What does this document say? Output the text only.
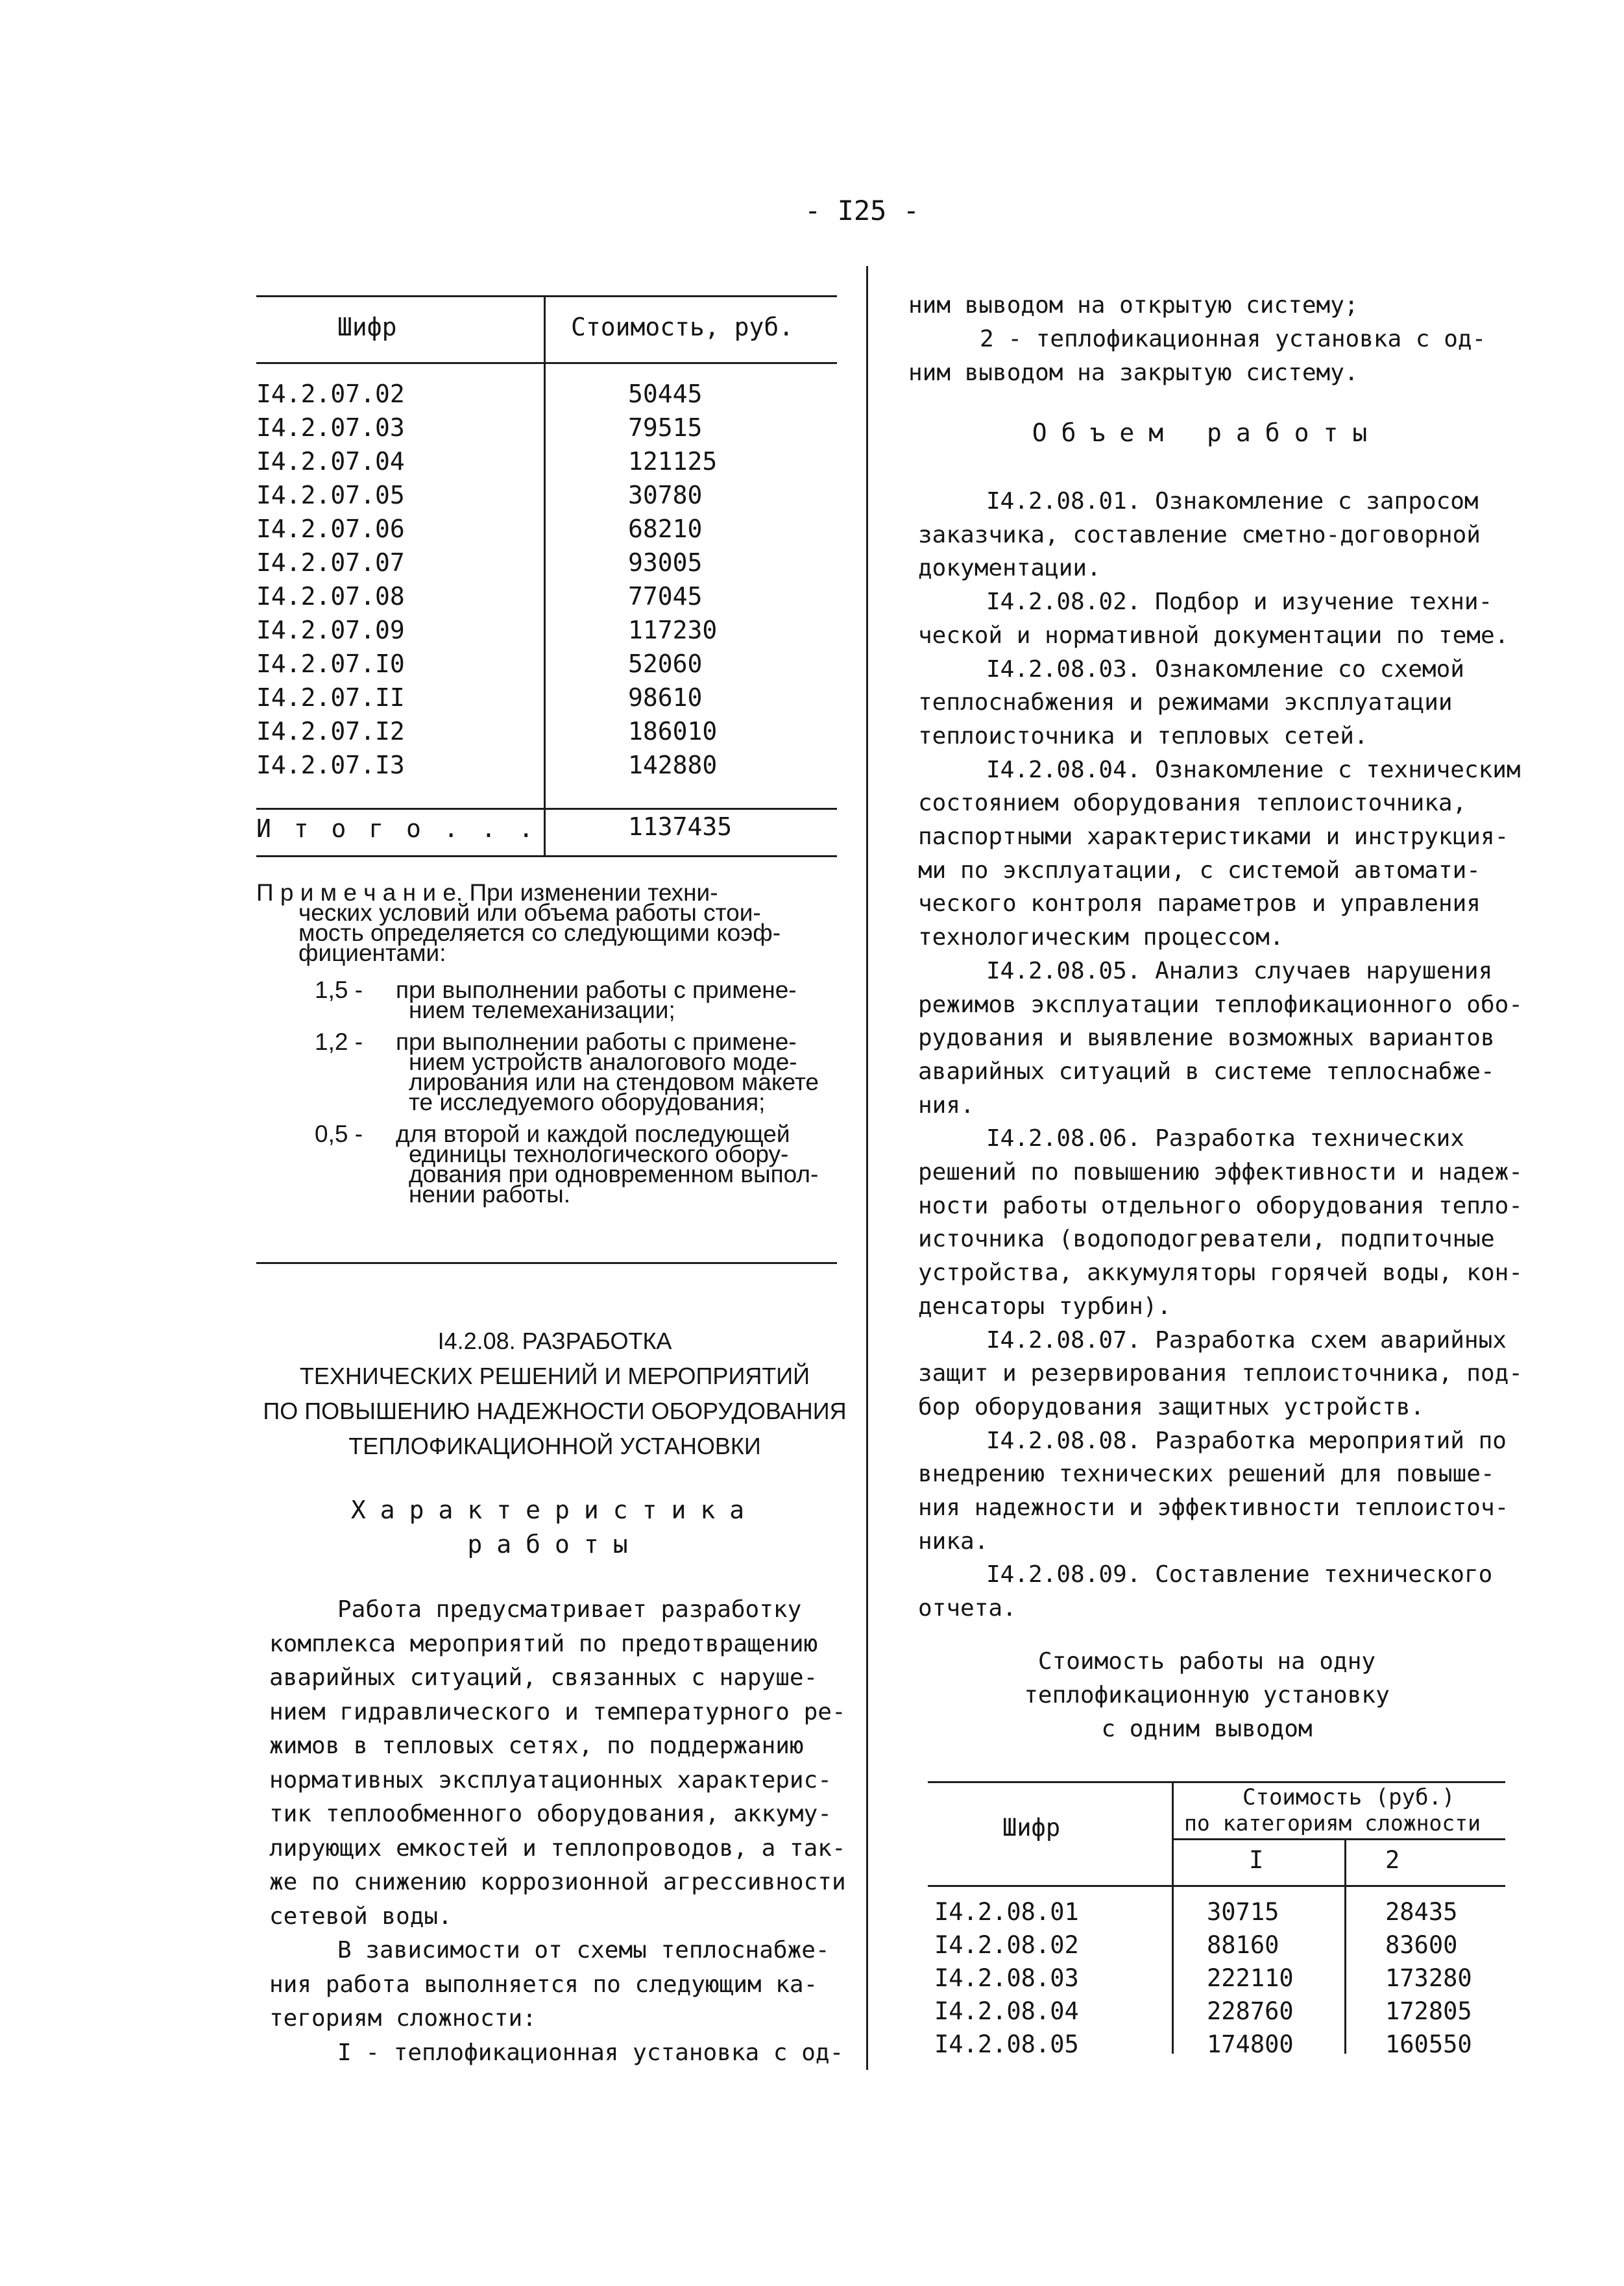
- I25 -
Шифр	Стоимость, руб.
I4.2.07.02	50445
I4.2.07.03	79515
I4.2.07.04	121125
I4.2.07.05	30780
I4.2.07.06	68210
I4.2.07.07	93005
I4.2.07.08	77045
I4.2.07.09	117230
I4.2.07.I0	52060
I4.2.07.II	98610
I4.2.07.I2	186010
I4.2.07.I3	142880
И т о г о . . .	1137435
П р и м е ч а н и е. При изменении техни-
ческих условий или объема работы стои-
мость определяется со следующими коэф-
фициентами:
1,5 - при выполнении работы с примене-
нием телемеханизации;
1,2 - при выполнении работы с примене-
нием устройств аналогового моде-
лирования или на стендовом макете
те исследуемого оборудования;
0,5 - для второй и каждой последующей
единицы технологического обору-
дования при одновременном выпол-
нении работы.
I4.2.08. РАЗРАБОТКА
ТЕХНИЧЕСКИХ РЕШЕНИЙ И МЕРОПРИЯТИЙ
ПО ПОВЫШЕНИЮ НАДЕЖНОСТИ ОБОРУДОВАНИЯ
ТЕПЛОФИКАЦИОННОЙ УСТАНОВКИ
Характеристика
работы
Работа предусматривает разработку
комплекса мероприятий по предотвращению
аварийных ситуаций, связанных с наруше-
нием гидравлического и температурного ре-
жимов в тепловых сетях, по поддержанию
нормативных эксплуатационных характерис-
тик теплообменного оборудования, аккуму-
лирующих емкостей и теплопроводов, а так-
же по снижению коррозионной агрессивности
сетевой воды.
В зависимости от схемы теплоснабже-
ния работа выполняется по следующим ка-
тегориям сложности:
I - теплофикационная установка с од-
ним выводом на открытую систему;
2 - теплофикационная установка с од-
ним выводом на закрытую систему.
Объем работы
I4.2.08.01. Ознакомление с запросом
заказчика, составление сметно-договорной
документации.
I4.2.08.02. Подбор и изучение техни-
ческой и нормативной документации по теме.
I4.2.08.03. Ознакомление со схемой
теплоснабжения и режимами эксплуатации
теплоисточника и тепловых сетей.
I4.2.08.04. Ознакомление с техническим
состоянием оборудования теплоисточника,
паспортными характеристиками и инструкция-
ми по эксплуатации, с системой автомати-
ческого контроля параметров и управления
технологическим процессом.
I4.2.08.05. Анализ случаев нарушения
режимов эксплуатации теплофикационного обо-
рудования и выявление возможных вариантов
аварийных ситуаций в системе теплоснабже-
ния.
I4.2.08.06. Разработка технических
решений по повышению эффективности и надеж-
ности работы отдельного оборудования тепло-
источника (водоподогреватели, подпиточные
устройства, аккумуляторы горячей воды, кон-
денсаторы турбин).
I4.2.08.07. Разработка схем аварийных
защит и резервирования теплоисточника, под-
бор оборудования защитных устройств.
I4.2.08.08. Разработка мероприятий по
внедрению технических решений для повыше-
ния надежности и эффективности теплоисточ-
ника.
I4.2.08.09. Составление технического
отчета.
Стоимость работы на одну
теплофикационную установку
с одним выводом
Шифр
Стоимость (руб.)
по категориям сложности
I	2
I4.2.08.01	30715	28435
I4.2.08.02	88160	83600
I4.2.08.03	222110	173280
I4.2.08.04	228760	172805
I4.2.08.05	174800	160550
